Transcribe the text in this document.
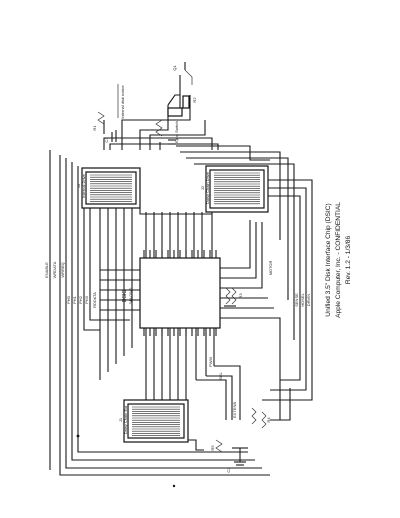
DSIC 344-0042
J3 Internal Drive	J2 Daisy Chain Drive
J1 Daisy Chain Ext
Eject Switch
Internal disk notice
Q1
R1
R2
R3
R4
R5
C1
C2
ENABLE WRDATA WRREQ
PH0 PH1 PH2 PH3 RDDATA	SENSE HDSEL DRVIN
MOTOR
PWM
SEL
EXTENB
Unified 3.5" Disk Interface Chip (DSIC) Apple Computer, Inc. - CONFIDENTIAL Rev. 1.2 - 1/3/86
